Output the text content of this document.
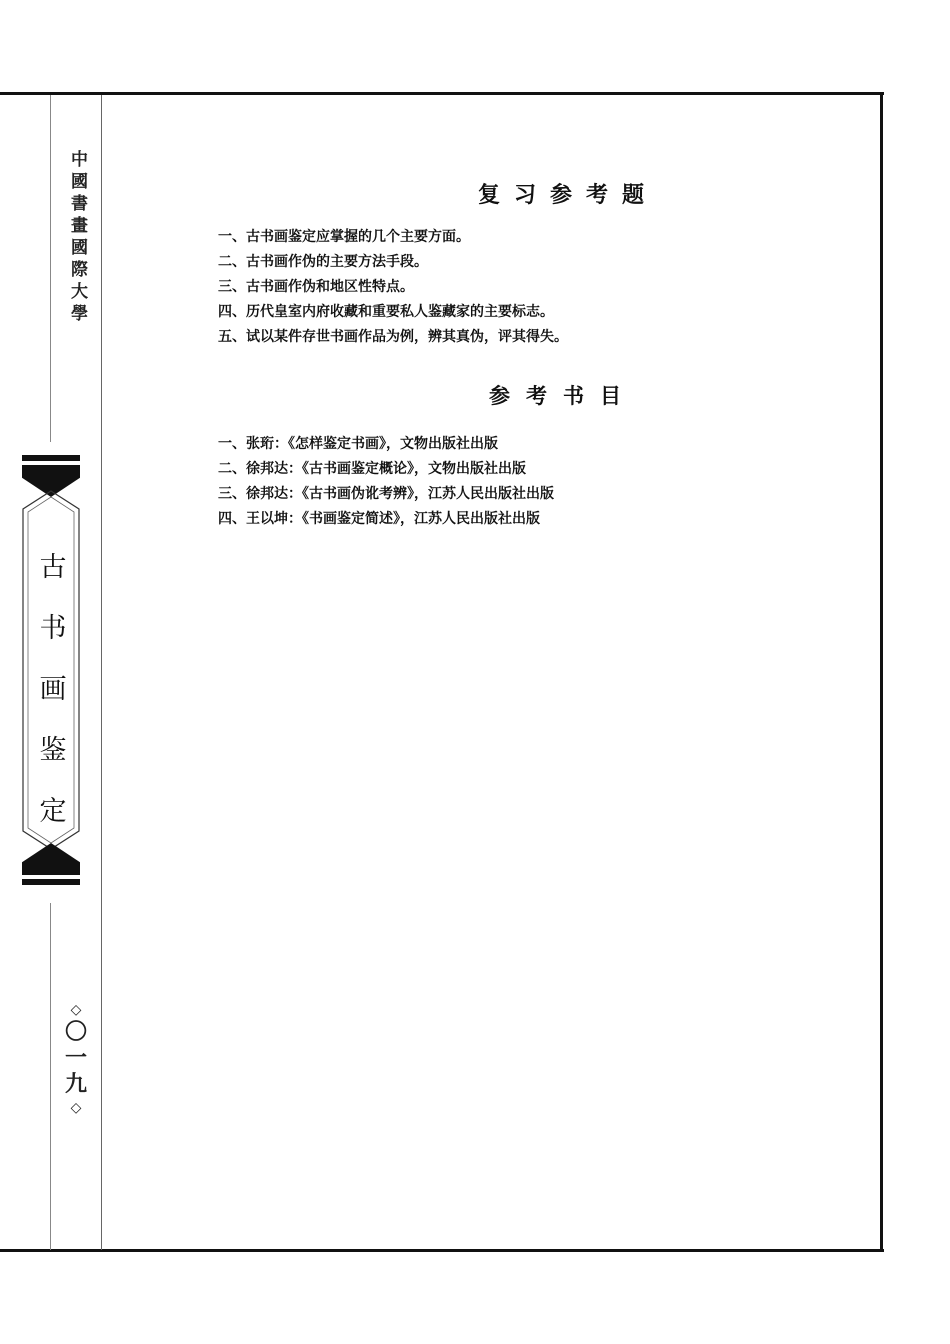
中國書畫國際大學
古
书
画
鉴
定
◇
〇
一
九
◇
复习参考题
一、古书画鉴定应掌握的几个主要方面。
二、古书画作伪的主要方法手段。
三、古书画作伪和地区性特点。
四、历代皇室内府收藏和重要私人鉴藏家的主要标志。
五、试以某件存世书画作品为例，辨其真伪，评其得失。
参考书目
一、张珩：《怎样鉴定书画》，文物出版社出版
二、徐邦达：《古书画鉴定概论》，文物出版社出版
三、徐邦达：《古书画伪讹考辨》，江苏人民出版社出版
四、王以坤：《书画鉴定简述》，江苏人民出版社出版
